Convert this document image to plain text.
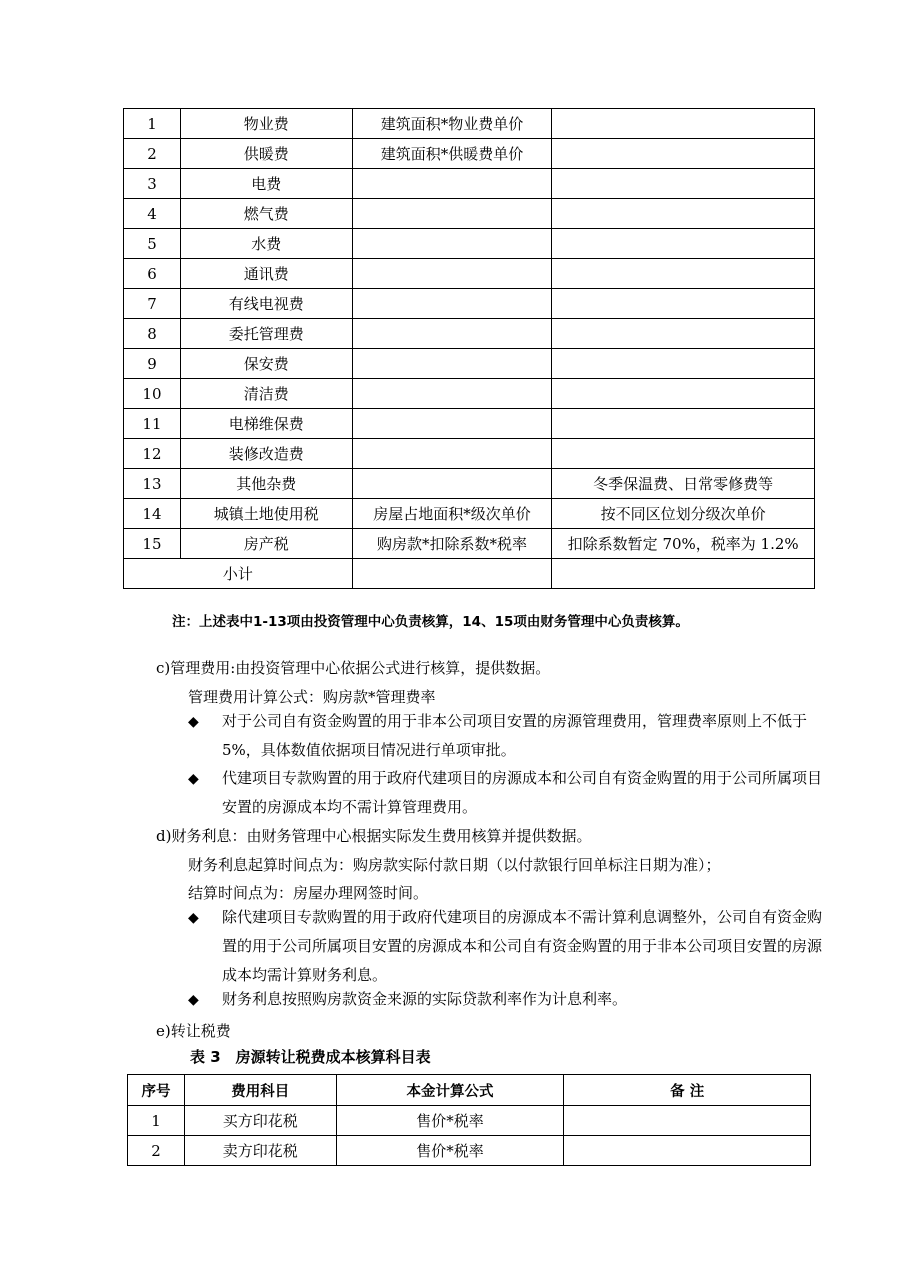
1	物业费	建筑面积*物业费单价	
2	供暖费	建筑面积*供暖费单价	
3	电费		
4	燃气费		
5	水费		
6	通讯费		
7	有线电视费		
8	委托管理费		
9	保安费		
10	清洁费		
11	电梯维保费		
12	装修改造费		
13	其他杂费		冬季保温费、日常零修费等
14	城镇土地使用税	房屋占地面积*级次单价	按不同区位划分级次单价
15	房产税	购房款*扣除系数*税率	扣除系数暂定 70%，税率为 1.2%
小计			
注：上述表中1-13项由投资管理中心负责核算，14、15项由财务管理中心负责核算。
c)管理费用:由投资管理中心依据公式进行核算，提供数据。
管理费用计算公式：购房款*管理费率
◆ 对于公司自有资金购置的用于非本公司项目安置的房源管理费用，管理费率原则上不低于 5%，具体数值依据项目情况进行单项审批。
◆ 代建项目专款购置的用于政府代建项目的房源成本和公司自有资金购置的用于公司所属项目安置的房源成本均不需计算管理费用。
d)财务利息：由财务管理中心根据实际发生费用核算并提供数据。
财务利息起算时间点为：购房款实际付款日期（以付款银行回单标注日期为准）；
结算时间点为：房屋办理网签时间。
◆ 除代建项目专款购置的用于政府代建项目的房源成本不需计算利息调整外，公司自有资金购置的用于公司所属项目安置的房源成本和公司自有资金购置的用于非本公司项目安置的房源成本均需计算财务利息。
◆ 财务利息按照购房款资金来源的实际贷款利率作为计息利率。
e)转让税费
表 3　房源转让税费成本核算科目表
序号	费用科目	本金计算公式	备 注
1	买方印花税	售价*税率	
2	卖方印花税	售价*税率	
